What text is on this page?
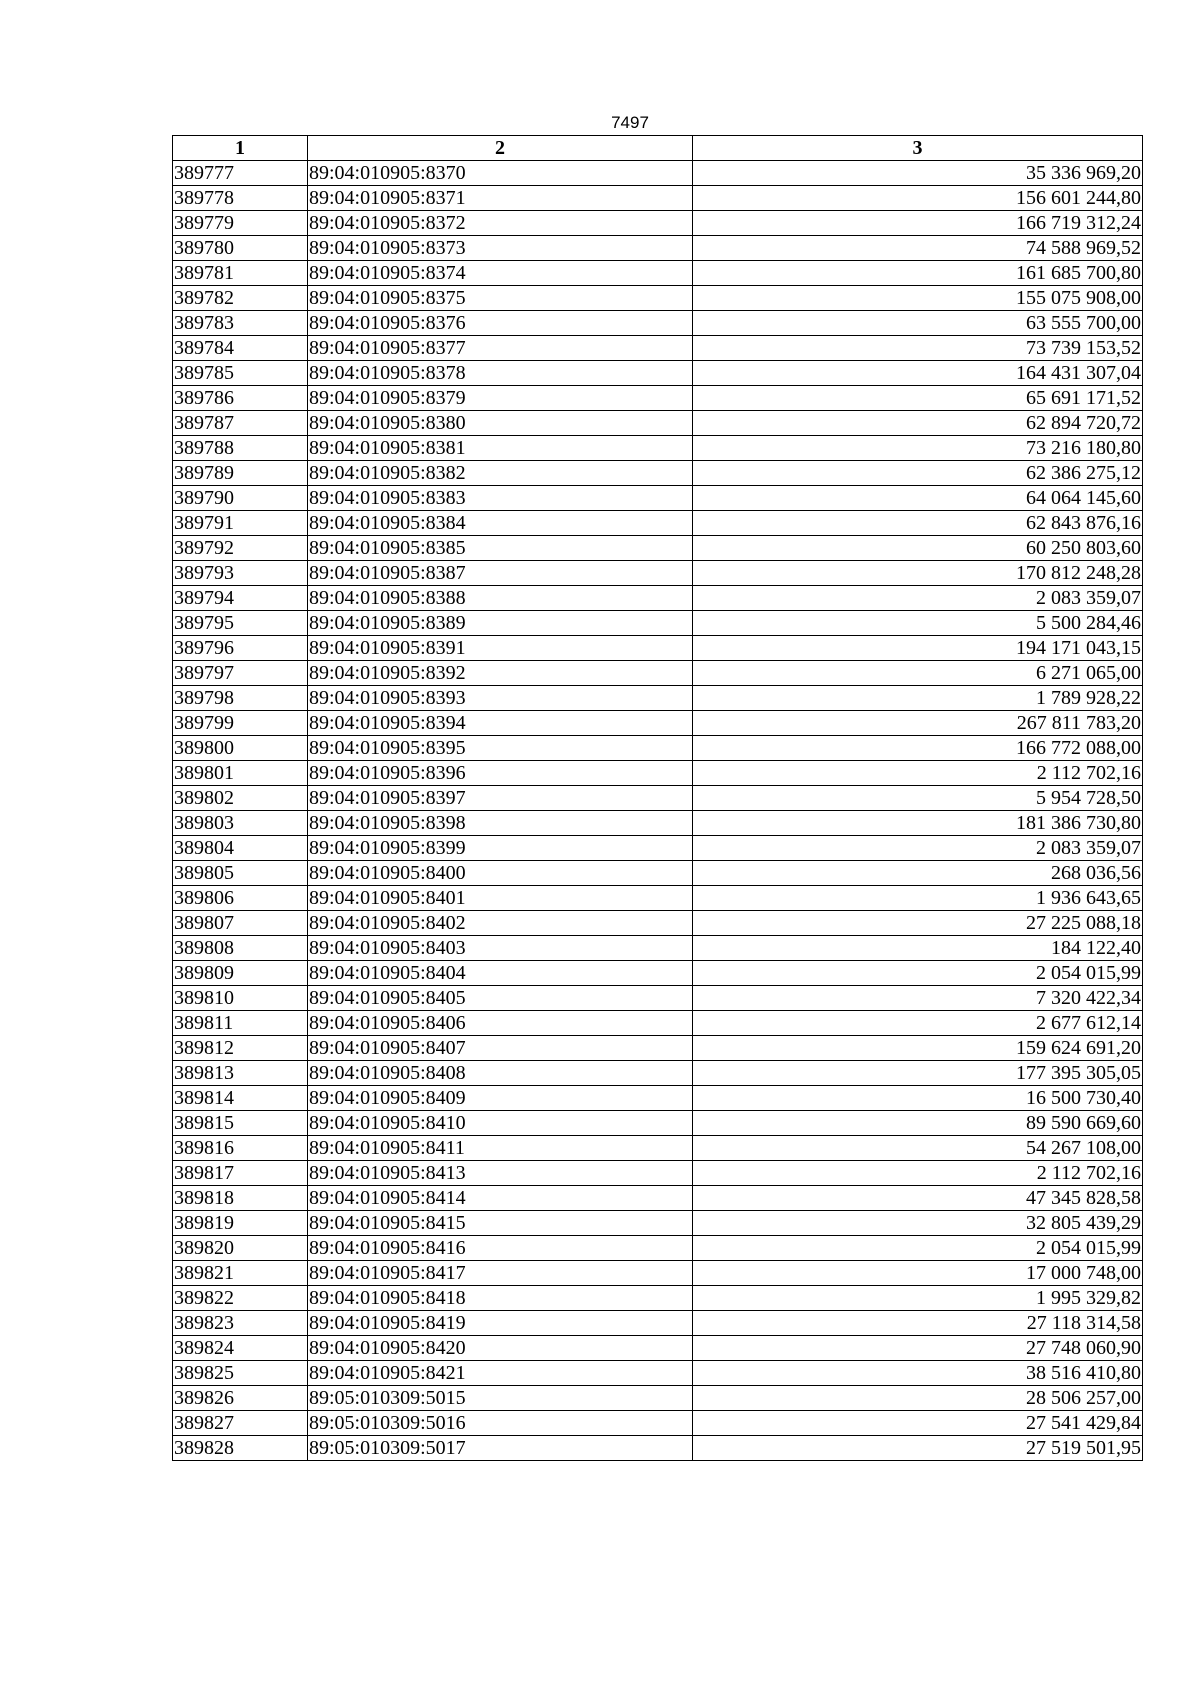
7497
1	2	3
389777	89:04:010905:8370	35 336 969,20
389778	89:04:010905:8371	156 601 244,80
389779	89:04:010905:8372	166 719 312,24
389780	89:04:010905:8373	74 588 969,52
389781	89:04:010905:8374	161 685 700,80
389782	89:04:010905:8375	155 075 908,00
389783	89:04:010905:8376	63 555 700,00
389784	89:04:010905:8377	73 739 153,52
389785	89:04:010905:8378	164 431 307,04
389786	89:04:010905:8379	65 691 171,52
389787	89:04:010905:8380	62 894 720,72
389788	89:04:010905:8381	73 216 180,80
389789	89:04:010905:8382	62 386 275,12
389790	89:04:010905:8383	64 064 145,60
389791	89:04:010905:8384	62 843 876,16
389792	89:04:010905:8385	60 250 803,60
389793	89:04:010905:8387	170 812 248,28
389794	89:04:010905:8388	2 083 359,07
389795	89:04:010905:8389	5 500 284,46
389796	89:04:010905:8391	194 171 043,15
389797	89:04:010905:8392	6 271 065,00
389798	89:04:010905:8393	1 789 928,22
389799	89:04:010905:8394	267 811 783,20
389800	89:04:010905:8395	166 772 088,00
389801	89:04:010905:8396	2 112 702,16
389802	89:04:010905:8397	5 954 728,50
389803	89:04:010905:8398	181 386 730,80
389804	89:04:010905:8399	2 083 359,07
389805	89:04:010905:8400	268 036,56
389806	89:04:010905:8401	1 936 643,65
389807	89:04:010905:8402	27 225 088,18
389808	89:04:010905:8403	184 122,40
389809	89:04:010905:8404	2 054 015,99
389810	89:04:010905:8405	7 320 422,34
389811	89:04:010905:8406	2 677 612,14
389812	89:04:010905:8407	159 624 691,20
389813	89:04:010905:8408	177 395 305,05
389814	89:04:010905:8409	16 500 730,40
389815	89:04:010905:8410	89 590 669,60
389816	89:04:010905:8411	54 267 108,00
389817	89:04:010905:8413	2 112 702,16
389818	89:04:010905:8414	47 345 828,58
389819	89:04:010905:8415	32 805 439,29
389820	89:04:010905:8416	2 054 015,99
389821	89:04:010905:8417	17 000 748,00
389822	89:04:010905:8418	1 995 329,82
389823	89:04:010905:8419	27 118 314,58
389824	89:04:010905:8420	27 748 060,90
389825	89:04:010905:8421	38 516 410,80
389826	89:05:010309:5015	28 506 257,00
389827	89:05:010309:5016	27 541 429,84
389828	89:05:010309:5017	27 519 501,95
